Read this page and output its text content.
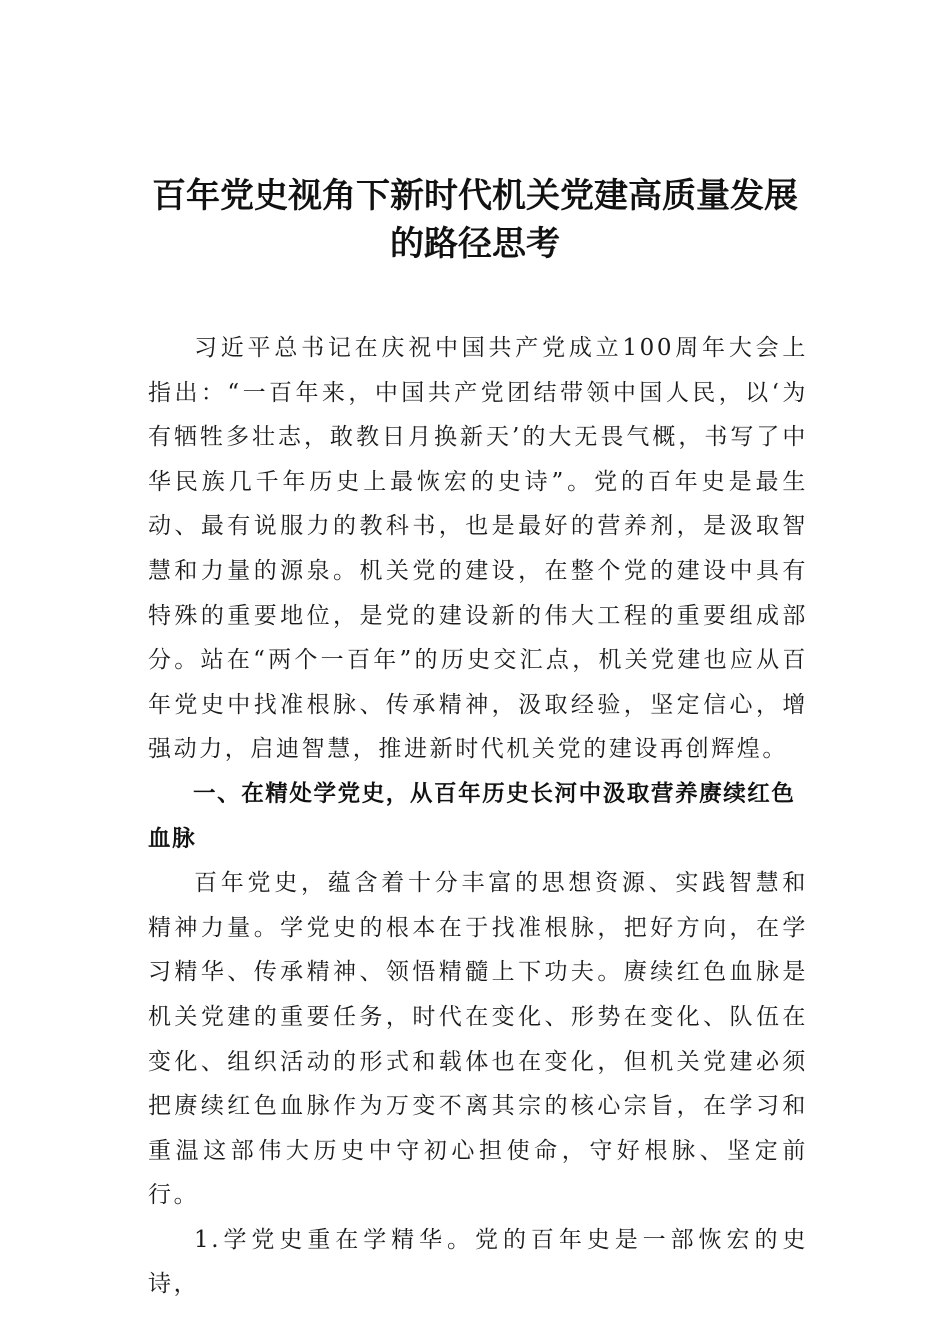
百年党史视角下新时代机关党建高质量发展的路径思考

习近平总书记在庆祝中国共产党成立100周年大会上指出：“一百年来，中国共产党团结带领中国人民，以‘为有牺牲多壮志，敢教日月换新天’的大无畏气概，书写了中华民族几千年历史上最恢宏的史诗”。党的百年史是最生动、最有说服力的教科书，也是最好的营养剂，是汲取智慧和力量的源泉。机关党的建设，在整个党的建设中具有特殊的重要地位，是党的建设新的伟大工程的重要组成部分。站在“两个一百年”的历史交汇点，机关党建也应从百年党史中找准根脉、传承精神，汲取经验，坚定信心，增强动力，启迪智慧，推进新时代机关党的建设再创辉煌。

一、在精处学党史，从百年历史长河中汲取营养赓续红色血脉

百年党史，蕴含着十分丰富的思想资源、实践智慧和精神力量。学党史的根本在于找准根脉，把好方向，在学习精华、传承精神、领悟精髓上下功夫。赓续红色血脉是机关党建的重要任务，时代在变化、形势在变化、队伍在变化、组织活动的形式和载体也在变化，但机关党建必须把赓续红色血脉作为万变不离其宗的核心宗旨，在学习和重温这部伟大历史中守初心担使命，守好根脉、坚定前行。

1.学党史重在学精华。党的百年史是一部恢宏的史诗，
